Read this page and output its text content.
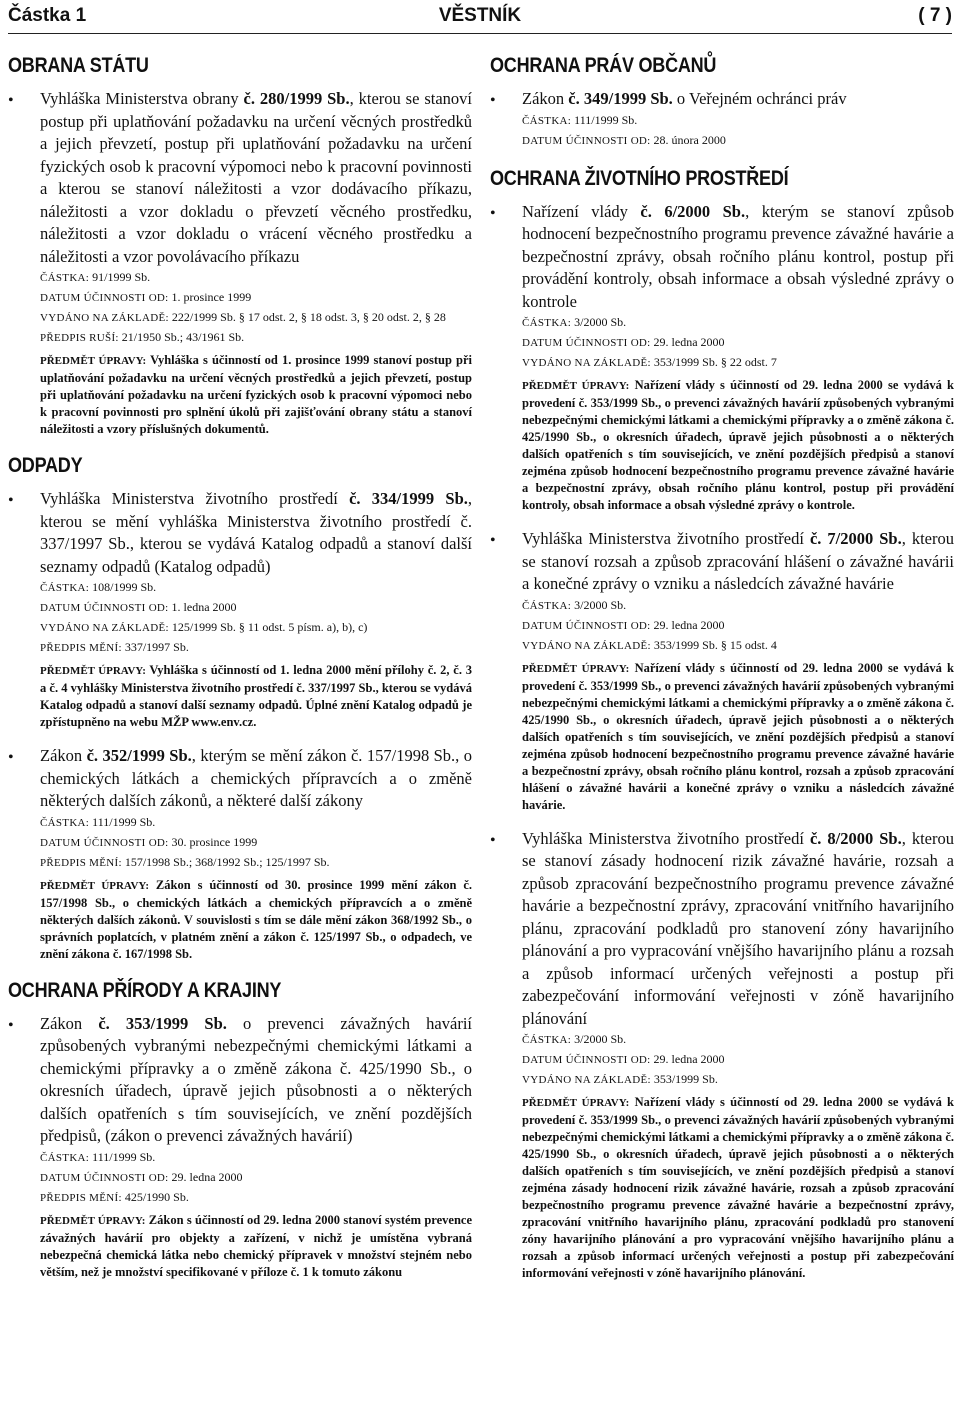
Částka 1	VĚSTNÍK	( 7 )
OBRANA STÁTU
• Vyhláška Ministerstva obrany č. 280/1999 Sb., kterou se stanoví postup při uplatňování požadavku na určení věcných prostředků a jejich převzetí, postup při uplatňování požadavku na určení fyzických osob k pracovní výpomoci nebo k pracovní povinnosti a kterou se stanoví náležitosti a vzor dodávacího příkazu, náležitosti a vzor dokladu o převzetí věcného prostředku, náležitosti a vzor dokladu o vrácení věcného prostředku a náležitosti a vzor povolávacího příkazu
ČÁSTKA: 91/1999 Sb.
DATUM ÚČINNOSTI OD: 1. prosince 1999
VYDÁNO NA ZÁKLADĚ: 222/1999 Sb. § 17 odst. 2, § 18 odst. 3, § 20 odst. 2, § 28
PŘEDPIS RUŠÍ: 21/1950 Sb.; 43/1961 Sb.
PŘEDMĚT ÚPRAVY: Vyhláška s účinností od 1. prosince 1999 stanoví postup při uplatňování požadavku na určení věcných prostředků a jejich převzetí, postup při uplatňování požadavku na určení fyzických osob k pracovní výpomoci nebo k pracovní povinnosti pro splnění úkolů při zajišťování obrany státu a stanoví náležitosti a vzory příslušných dokumentů.
ODPADY
• Vyhláška Ministerstva životního prostředí č. 334/1999 Sb., kterou se mění vyhláška Ministerstva životního prostředí č. 337/1997 Sb., kterou se vydává Katalog odpadů a stanoví další seznamy odpadů (Katalog odpadů)
ČÁSTKA: 108/1999 Sb.
DATUM ÚČINNOSTI OD: 1. ledna 2000
VYDÁNO NA ZÁKLADĚ: 125/1999 Sb. § 11 odst. 5 písm. a), b), c)
PŘEDPIS MĚNÍ: 337/1997 Sb.
PŘEDMĚT ÚPRAVY: Vyhláška s účinností od 1. ledna 2000 mění přílohy č. 2, č. 3 a č. 4 vyhlášky Ministerstva životního prostředí č. 337/1997 Sb., kterou se vydává Katalog odpadů a stanoví další seznamy odpadů. Úplné znění Katalog odpadů je zpřístupněno na webu MŽP www.env.cz.
• Zákon č. 352/1999 Sb., kterým se mění zákon č. 157/1998 Sb., o chemických látkách a chemických přípravcích a o změně některých dalších zákonů, a některé další zákony
ČÁSTKA: 111/1999 Sb.
DATUM ÚČINNOSTI OD: 30. prosince 1999
PŘEDPIS MĚNÍ: 157/1998 Sb.; 368/1992 Sb.; 125/1997 Sb.
PŘEDMĚT ÚPRAVY: Zákon s účinností od 30. prosince 1999 mění zákon č. 157/1998 Sb., o chemických látkách a chemických přípravcích a o změně některých dalších zákonů. V souvislosti s tím se dále mění zákon 368/1992 Sb., o správních poplatcích, v platném znění a zákon č. 125/1997 Sb., o odpadech, ve znění zákona č. 167/1998 Sb.
OCHRANA PŘÍRODY A KRAJINY
• Zákon č. 353/1999 Sb. o prevenci závažných havárií způsobených vybranými nebezpečnými chemickými látkami a chemickými přípravky a o změně zákona č. 425/1990 Sb., o okresních úřadech, úpravě jejich působnosti a o některých dalších opatřeních s tím souvisejících, ve znění pozdějších předpisů, (zákon o prevenci závažných havárií)
ČÁSTKA: 111/1999 Sb.
DATUM ÚČINNOSTI OD: 29. ledna 2000
PŘEDPIS MĚNÍ: 425/1990 Sb.
PŘEDMĚT ÚPRAVY: Zákon s účinností od 29. ledna 2000 stanoví systém prevence závažných havárií pro objekty a zařízení, v nichž je umístěna vybraná nebezpečná chemická látka nebo chemický přípravek v množství stejném nebo větším, než je množství specifikované v příloze č. 1 k tomuto zákonu
OCHRANA PRÁV OBČANŮ
• Zákon č. 349/1999 Sb. o Veřejném ochránci práv
ČÁSTKA: 111/1999 Sb.
DATUM ÚČINNOSTI OD: 28. února 2000
OCHRANA ŽIVOTNÍHO PROSTŘEDÍ
• Nařízení vlády č. 6/2000 Sb., kterým se stanoví způsob hodnocení bezpečnostního programu prevence závažné havárie a bezpečnostní zprávy, obsah ročního plánu kontrol, postup při provádění kontroly, obsah informace a obsah výsledné zprávy o kontrole
ČÁSTKA: 3/2000 Sb.
DATUM ÚČINNOSTI OD: 29. ledna 2000
VYDÁNO NA ZÁKLADĚ: 353/1999 Sb. § 22 odst. 7
PŘEDMĚT ÚPRAVY: Nařízení vlády s účinností od 29. ledna 2000 se vydává k provedení č. 353/1999 Sb., o prevenci závažných havárií způsobených vybranými nebezpečnými chemickými látkami a chemickými přípravky a o změně zákona č. 425/1990 Sb., o okresních úřadech, úpravě jejich působnosti a o některých dalších opatřeních s tím souvisejících, ve znění pozdějších předpisů a stanoví zejména způsob hodnocení bezpečnostního programu prevence závažné havárie a bezpečnostní zprávy, obsah ročního plánu kontrol, postup při provádění kontroly, obsah informace a obsah výsledné zprávy o kontrole.
• Vyhláška Ministerstva životního prostředí č. 7/2000 Sb., kterou se stanoví rozsah a způsob zpracování hlášení o závažné havárii a konečné zprávy o vzniku a následcích závažné havárie
ČÁSTKA: 3/2000 Sb.
DATUM ÚČINNOSTI OD: 29. ledna 2000
VYDÁNO NA ZÁKLADĚ: 353/1999 Sb. § 15 odst. 4
PŘEDMĚT ÚPRAVY: Nařízení vlády s účinností od 29. ledna 2000 se vydává k provedení č. 353/1999 Sb., o prevenci závažných havárií způsobených vybranými nebezpečnými chemickými látkami a chemickými přípravky a o změně zákona č. 425/1990 Sb., o okresních úřadech, úpravě jejich působnosti a o některých dalších opatřeních s tím souvisejících, ve znění pozdějších předpisů a stanoví zejména způsob hodnocení bezpečnostního programu prevence závažné havárie a bezpečnostní zprávy, obsah ročního plánu kontrol, rozsah a způsob zpracování hlášení o závažné havárii a konečné zprávy o vzniku a následcích závažné havárie.
• Vyhláška Ministerstva životního prostředí č. 8/2000 Sb., kterou se stanoví zásady hodnocení rizik závažné havárie, rozsah a způsob zpracování bezpečnostního programu prevence závažné havárie a bezpečnostní zprávy, zpracování vnitřního havarijního plánu, zpracování podkladů pro stanovení zóny havarijního plánování a pro vypracování vnějšího havarijního plánu a rozsah a způsob informací určených veřejnosti a postup při zabezpečování informování veřejnosti v zóně havarijního plánování
ČÁSTKA: 3/2000 Sb.
DATUM ÚČINNOSTI OD: 29. ledna 2000
VYDÁNO NA ZÁKLADĚ: 353/1999 Sb.
PŘEDMĚT ÚPRAVY: Nařízení vlády s účinností od 29. ledna 2000 se vydává k provedení č. 353/1999 Sb., o prevenci závažných havárií způsobených vybranými nebezpečnými chemickými látkami a chemickými přípravky a o změně zákona č. 425/1990 Sb., o okresních úřadech, úpravě jejich působnosti a o některých dalších opatřeních s tím souvisejících, ve znění pozdějších předpisů a stanoví zejména zásady hodnocení rizik závažné havárie, rozsah a způsob zpracování bezpečnostního programu prevence závažné havárie a bezpečnostní zprávy, zpracování vnitřního havarijního plánu, zpracování podkladů pro stanovení zóny havarijního plánování a pro vypracování vnějšího havarijního plánu a rozsah a způsob informací určených veřejnosti a postup při zabezpečování informování veřejnosti v zóně havarijního plánování.
